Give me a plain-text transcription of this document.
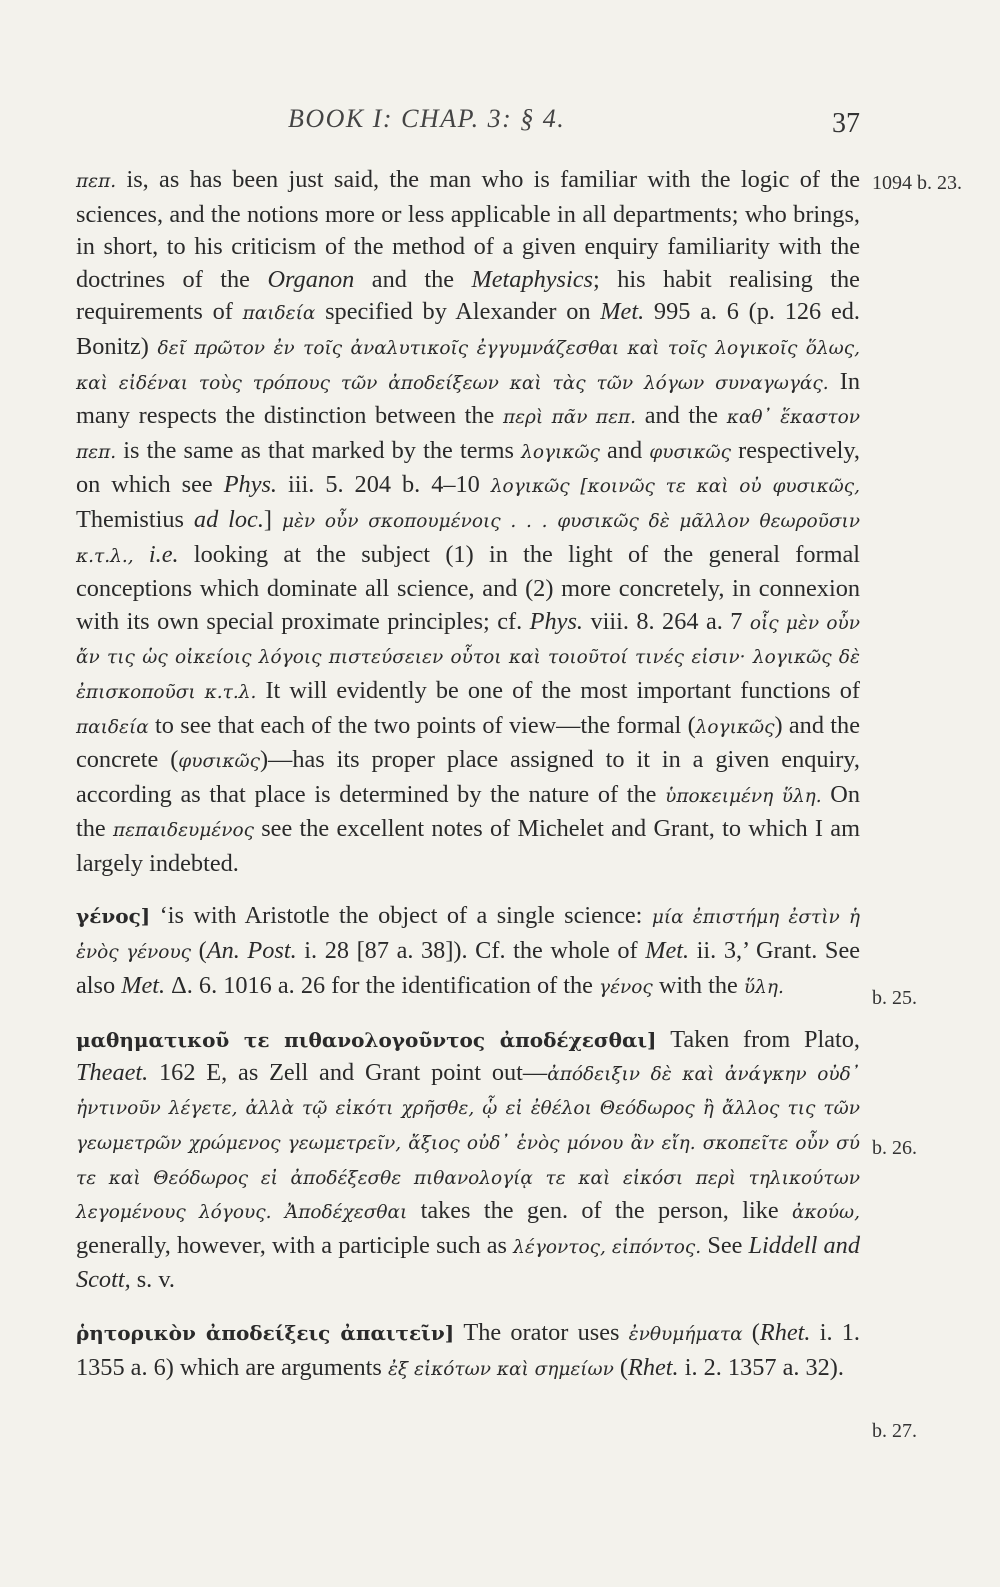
BOOK I: CHAP. 3: § 4.	37
1094 b. 23.
b. 25.
b. 26.
b. 27.

πεπ. is, as has been just said, the man who is familiar with the logic of the sciences, and the notions more or less applicable in all departments; who brings, in short, to his criticism of the method of a given enquiry familiarity with the doctrines of the Organon and the Metaphysics; his habit realising the requirements of παιδεία specified by Alexander on Met. 995 a. 6 (p. 126 ed. Bonitz) δεῖ πρῶτον ἐν τοῖς ἀναλυτικοῖς ἐγγυμνάζεσθαι καὶ τοῖς λογικοῖς ὅλως, καὶ εἰδέναι τοὺς τρόπους τῶν ἀποδείξεων καὶ τὰς τῶν λόγων συναγωγάς. In many respects the distinction between the περὶ πᾶν πεπ. and the καθ᾽ ἕκαστον πεπ. is the same as that marked by the terms λογικῶς and φυσικῶς respectively, on which see Phys. iii. 5. 204 b. 4–10 λογικῶς [κοινῶς τε καὶ οὐ φυσικῶς, Themistius ad loc.] μὲν οὖν σκοπουμένοις . . . φυσικῶς δὲ μᾶλλον θεωροῦσιν κ.τ.λ., i.e. looking at the subject (1) in the light of the general formal conceptions which dominate all science, and (2) more concretely, in connexion with its own special proximate principles; cf. Phys. viii. 8. 264 a. 7 οἷς μὲν οὖν ἄν τις ὡς οἰκείοις λόγοις πιστεύσειεν οὗτοι καὶ τοιοῦτοί τινές εἰσιν· λογικῶς δὲ ἐπισκοποῦσι κ.τ.λ. It will evidently be one of the most important functions of παιδεία to see that each of the two points of view—the formal (λογικῶς) and the concrete (φυσικῶς)—has its proper place assigned to it in a given enquiry, according as that place is determined by the nature of the ὑποκειμένη ὕλη. On the πεπαιδευμένος see the excellent notes of Michelet and Grant, to which I am largely indebted.

γένος] ‘is with Aristotle the object of a single science: μία ἐπιστήμη ἐστὶν ἡ ἑνὸς γένους (An. Post. i. 28 [87 a. 38]). Cf. the whole of Met. ii. 3,’ Grant. See also Met. Δ. 6. 1016 a. 26 for the identification of the γένος with the ὕλη.

μαθηματικοῦ τε πιθανολογοῦντος ἀποδέχεσθαι] Taken from Plato, Theaet. 162 E, as Zell and Grant point out—ἀπόδειξιν δὲ καὶ ἀνάγκην οὐδ᾽ ἡντινοῦν λέγετε, ἀλλὰ τῷ εἰκότι χρῆσθε, ᾧ εἰ ἐθέλοι Θεόδωρος ἢ ἄλλος τις τῶν γεωμετρῶν χρώμενος γεωμετρεῖν, ἄξιος οὐδ᾽ ἑνὸς μόνου ἂν εἴη. σκοπεῖτε οὖν σύ τε καὶ Θεόδωρος εἰ ἀποδέξεσθε πιθανολογίᾳ τε καὶ εἰκόσι περὶ τηλικούτων λεγομένους λόγους. Ἀποδέχεσθαι takes the gen. of the person, like ἀκούω, generally, however, with a participle such as λέγοντος, εἰπόντος. See Liddell and Scott, s. v.

ῥητορικὸν ἀποδείξεις ἀπαιτεῖν] The orator uses ἐνθυμήματα (Rhet. i. 1. 1355 a. 6) which are arguments ἐξ εἰκότων καὶ σημείων (Rhet. i. 2. 1357 a. 32).
